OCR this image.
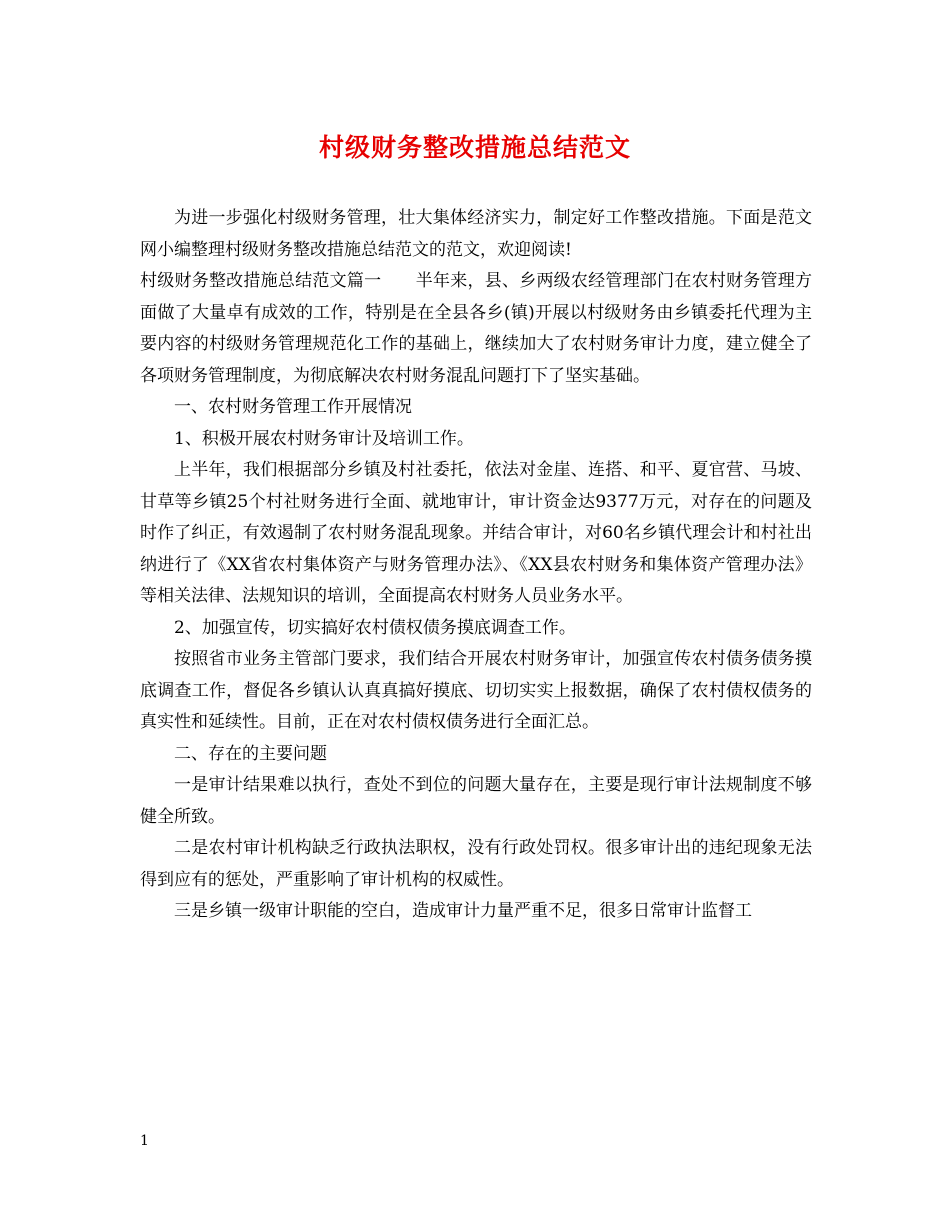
村级财务整改措施总结范文

为进一步强化村级财务管理，壮大集体经济实力，制定好工作整改措施。下面是范文网小编整理村级财务整改措施总结范文的范文，欢迎阅读!

村级财务整改措施总结范文篇一　　半年来，县、乡两级农经管理部门在农村财务管理方面做了大量卓有成效的工作，特别是在全县各乡(镇)开展以村级财务由乡镇委托代理为主要内容的村级财务管理规范化工作的基础上，继续加大了农村财务审计力度，建立健全了各项财务管理制度，为彻底解决农村财务混乱问题打下了坚实基础。

一、农村财务管理工作开展情况

1、积极开展农村财务审计及培训工作。

上半年，我们根据部分乡镇及村社委托，依法对金崖、连搭、和平、夏官营、马坡、甘草等乡镇25个村社财务进行全面、就地审计，审计资金达9377万元，对存在的问题及时作了纠正，有效遏制了农村财务混乱现象。并结合审计，对60名乡镇代理会计和村社出纳进行了《XX省农村集体资产与财务管理办法》、《XX县农村财务和集体资产管理办法》等相关法律、法规知识的培训，全面提高农村财务人员业务水平。

2、加强宣传，切实搞好农村债权债务摸底调查工作。

按照省市业务主管部门要求，我们结合开展农村财务审计，加强宣传农村债务债务摸底调查工作，督促各乡镇认认真真搞好摸底、切切实实上报数据，确保了农村债权债务的真实性和延续性。目前，正在对农村债权债务进行全面汇总。

二、存在的主要问题

一是审计结果难以执行，查处不到位的问题大量存在，主要是现行审计法规制度不够健全所致。

二是农村审计机构缺乏行政执法职权，没有行政处罚权。很多审计出的违纪现象无法得到应有的惩处，严重影响了审计机构的权威性。

三是乡镇一级审计职能的空白，造成审计力量严重不足，很多日常审计监督工

1
